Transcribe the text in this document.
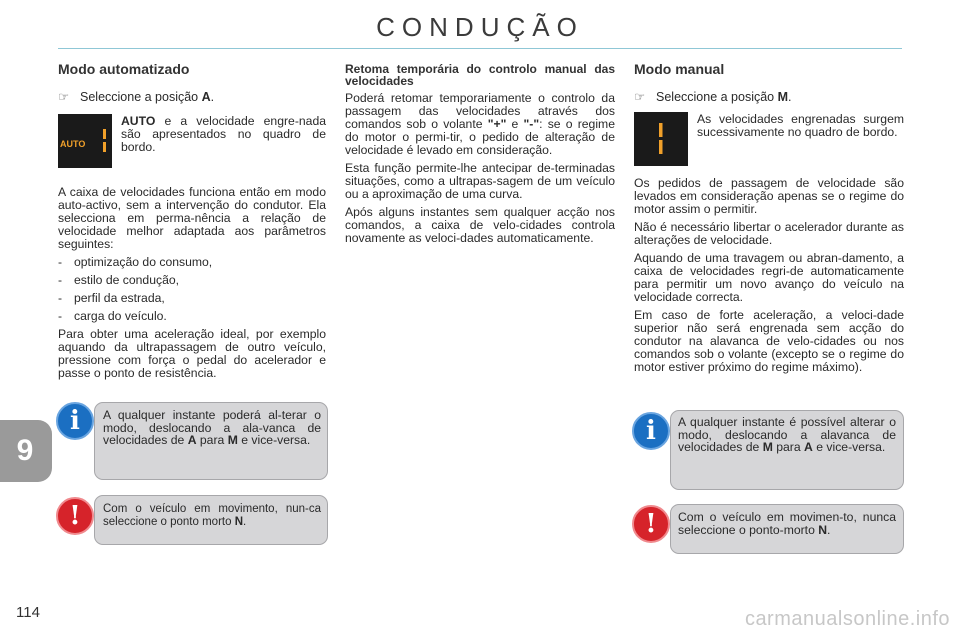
CONDUÇÃO
9
114	carmanualsonline.info
Modo automatizado
☞ Seleccione a posição A.
AUTO

AUTO e a velocidade engre-nada são apresentados no quadro de bordo.

A caixa de velocidades funciona então em modo auto-activo, sem a intervenção do condutor. Ela selecciona em perma-nência a relação de velocidade melhor adaptada aos parâmetros seguintes:

- optimização do consumo,
- estilo de condução,
- perfil da estrada,
- carga do veículo.

Para obter uma aceleração ideal, por exemplo aquando da ultrapassagem de outro veículo, pressione com força o pedal do acelerador e passe o ponto de resistência.

i	A qualquer instante poderá al-terar o modo, deslocando a ala-vanca de velocidades de A para M e vice-versa.
!	Com o veículo em movimento, nun-ca seleccione o ponto morto N.
Retoma temporária do controlo manual das velocidades

Poderá retomar temporariamente o controlo da passagem das velocidades através dos comandos sob o volante "+" e "-": se o regime do motor o permi-tir, o pedido de alteração de velocidade é levado em consideração.

Esta função permite-lhe antecipar de-terminadas situações, como a ultrapas-sagem de um veículo ou a aproximação de uma curva.

Após alguns instantes sem qualquer acção nos comandos, a caixa de velo-cidades controla novamente as veloci-dades automaticamente.

Modo manual
☞ Seleccione a posição M.

As velocidades engrenadas surgem sucessivamente no quadro de bordo.

Os pedidos de passagem de velocidade são levados em consideração apenas se o regime do motor assim o permitir.

Não é necessário libertar o acelerador durante as alterações de velocidade.

Aquando de uma travagem ou abran-damento, a caixa de velocidades regri-de automaticamente para permitir um novo avanço do veículo na velocidade correcta.

Em caso de forte aceleração, a veloci-dade superior não será engrenada sem acção do condutor na alavanca de velo-cidades ou nos comandos sob o volante (excepto se o regime do motor estiver próximo do regime máximo).

i	A qualquer instante é possível alterar o modo, deslocando a alavanca de velocidades de M para A e vice-versa.
!	Com o veículo em movimen-to, nunca seleccione o ponto-morto N.
